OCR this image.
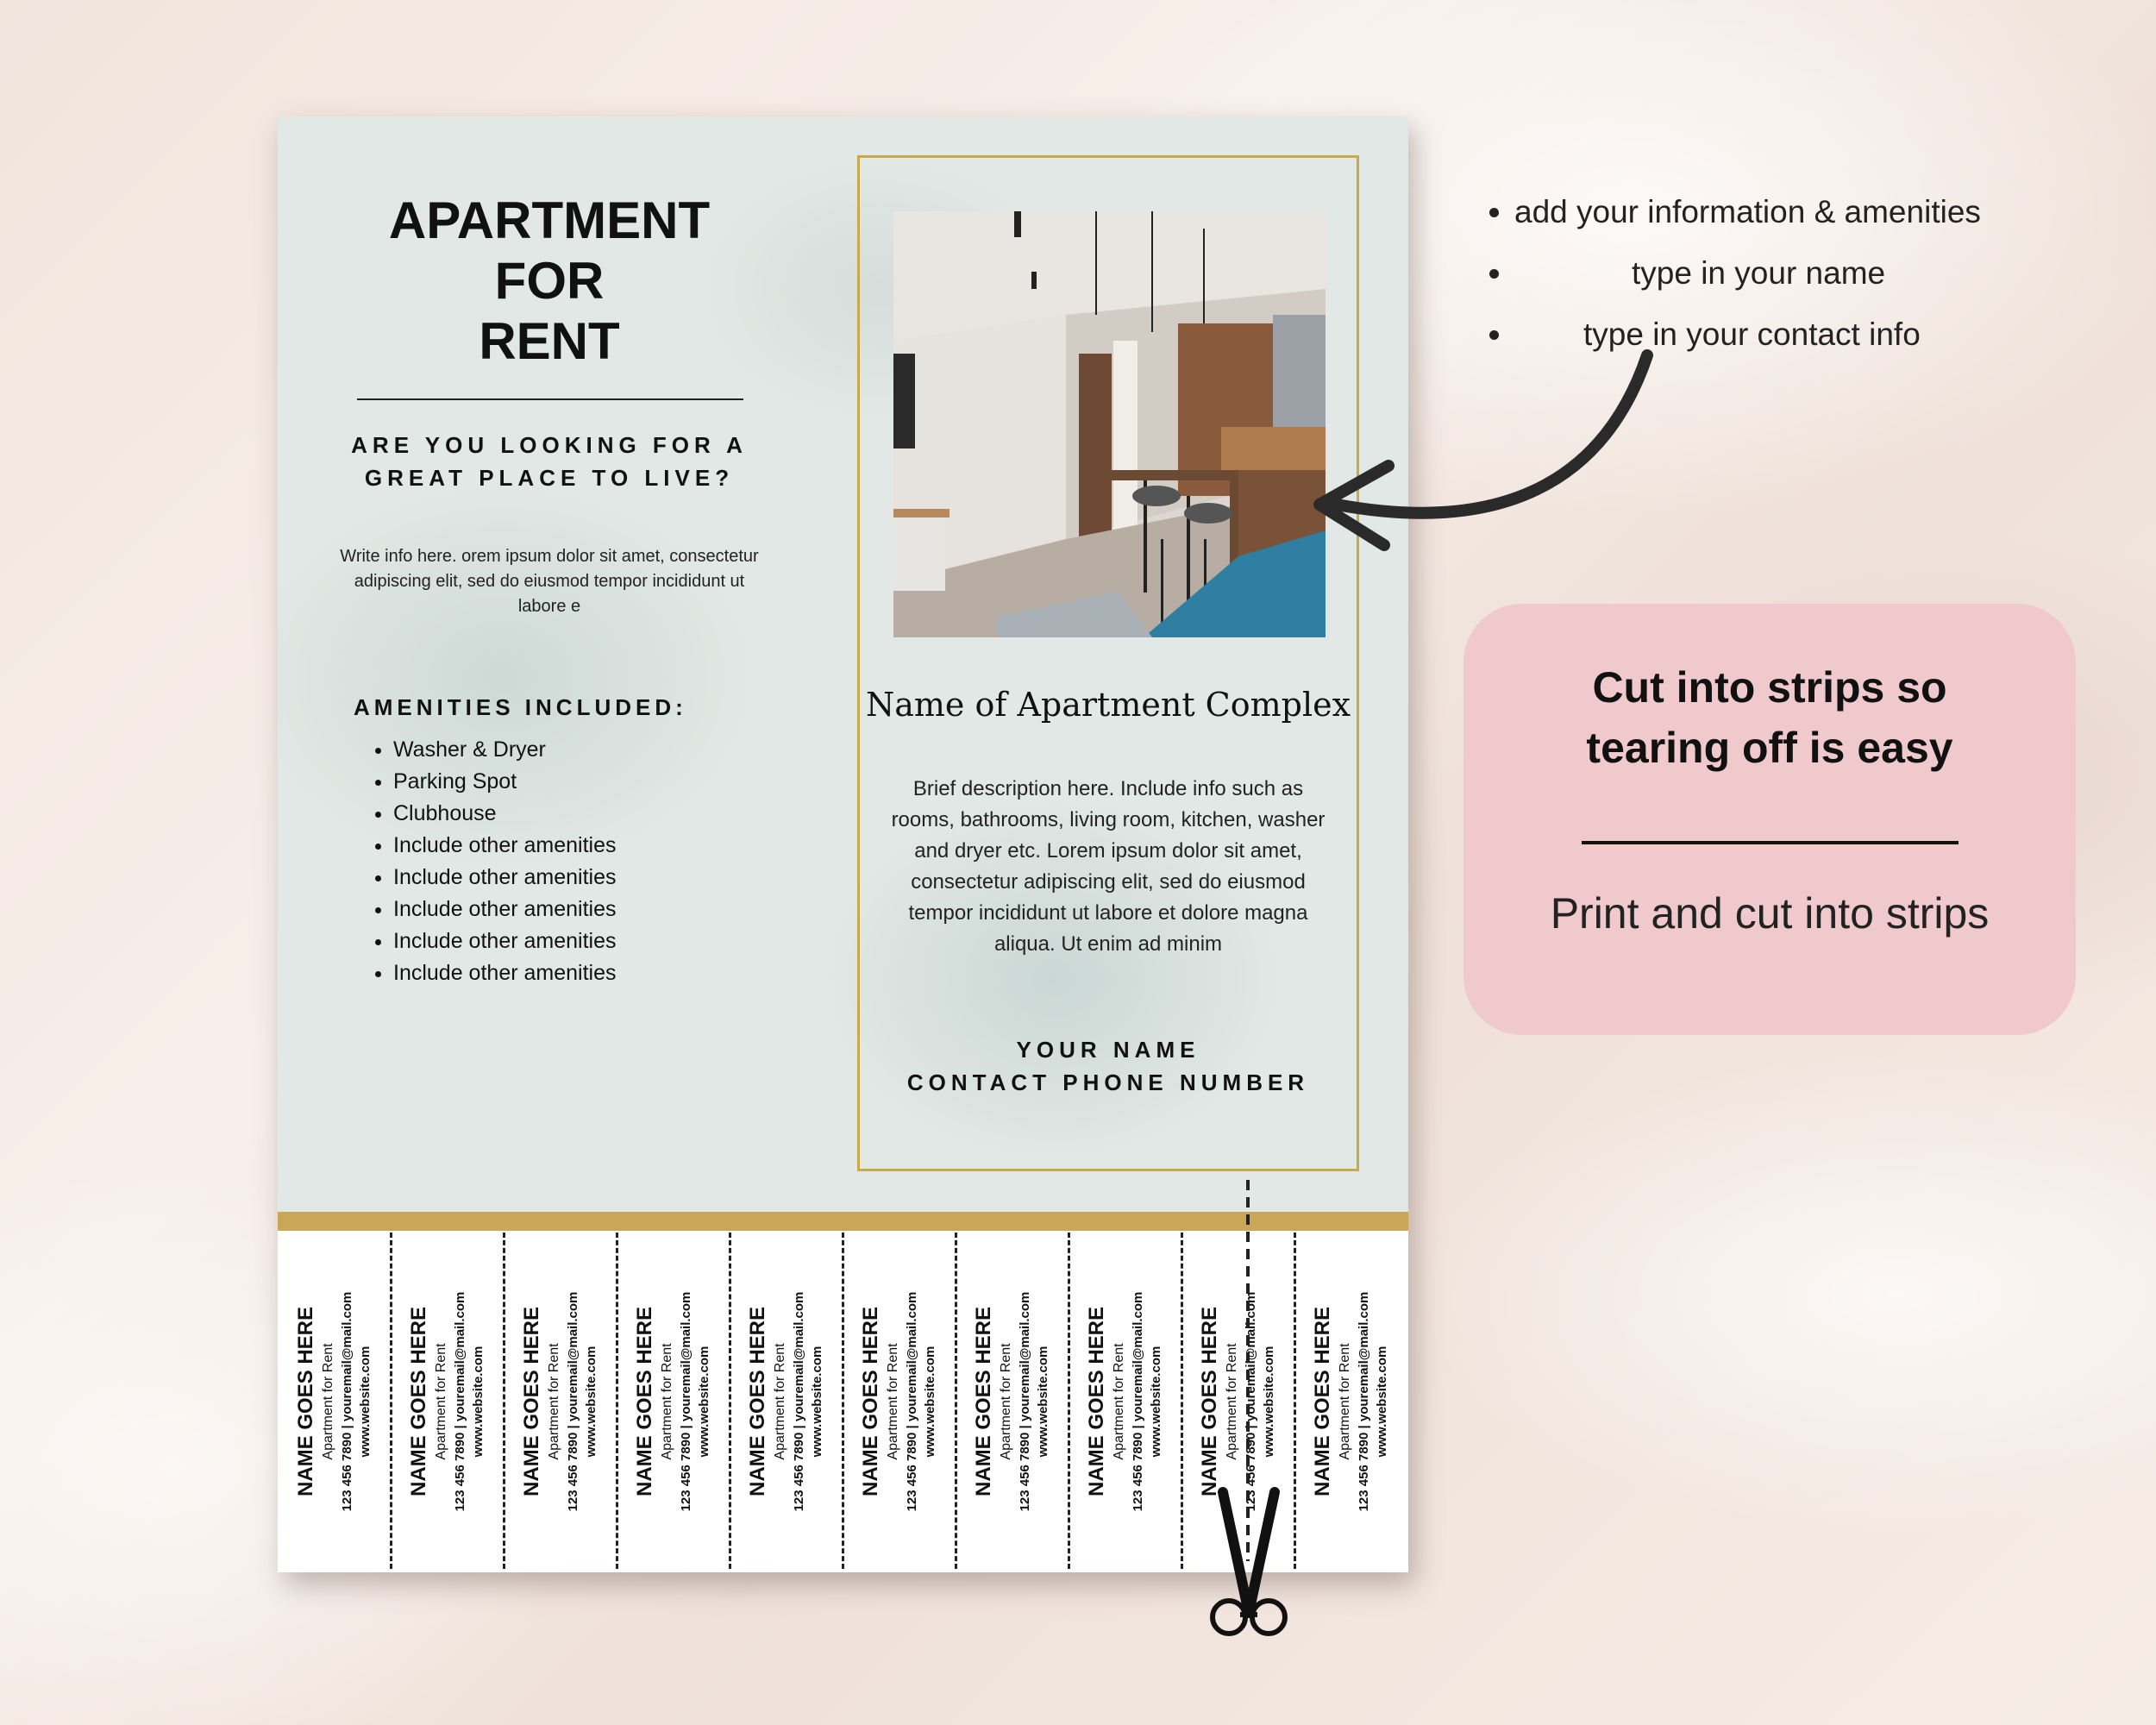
APARTMENT
FOR
RENT
ARE YOU LOOKING FOR A
GREAT PLACE TO LIVE?
Write info here. orem ipsum dolor sit amet, consectetur adipiscing elit, sed do eiusmod tempor incididunt ut labore e
AMENITIES INCLUDED:
• Washer & Dryer
• Parking Spot
• Clubhouse
• Include other amenities
• Include other amenities
• Include other amenities
• Include other amenities
• Include other amenities
Name of Apartment Complex
Brief description here. Include info such as rooms, bathrooms, living room, kitchen, washer and dryer etc. Lorem ipsum dolor sit amet, consectetur adipiscing elit, sed do eiusmod tempor incididunt ut labore et dolore magna aliqua. Ut enim ad minim
YOUR NAME
CONTACT PHONE NUMBER
NAME GOES HERE Apartment for Rent 123 456 7890 | youremail@mail.com www.website.com NAME GOES HERE Apartment for Rent 123 456 7890 | youremail@mail.com www.website.com NAME GOES HERE Apartment for Rent 123 456 7890 | youremail@mail.com www.website.com NAME GOES HERE Apartment for Rent 123 456 7890 | youremail@mail.com www.website.com NAME GOES HERE Apartment for Rent 123 456 7890 | youremail@mail.com www.website.com NAME GOES HERE Apartment for Rent 123 456 7890 | youremail@mail.com www.website.com NAME GOES HERE Apartment for Rent 123 456 7890 | youremail@mail.com www.website.com NAME GOES HERE Apartment for Rent 123 456 7890 | youremail@mail.com www.website.com NAME GOES HERE Apartment for Rent 123 456 7890 | youremail@mail.com www.website.com NAME GOES HERE Apartment for Rent 123 456 7890 | youremail@mail.com www.website.com
• add your information & amenities
• type in your name
• type in your contact info
Cut into strips so
tearing off is easy
Print and cut into strips
